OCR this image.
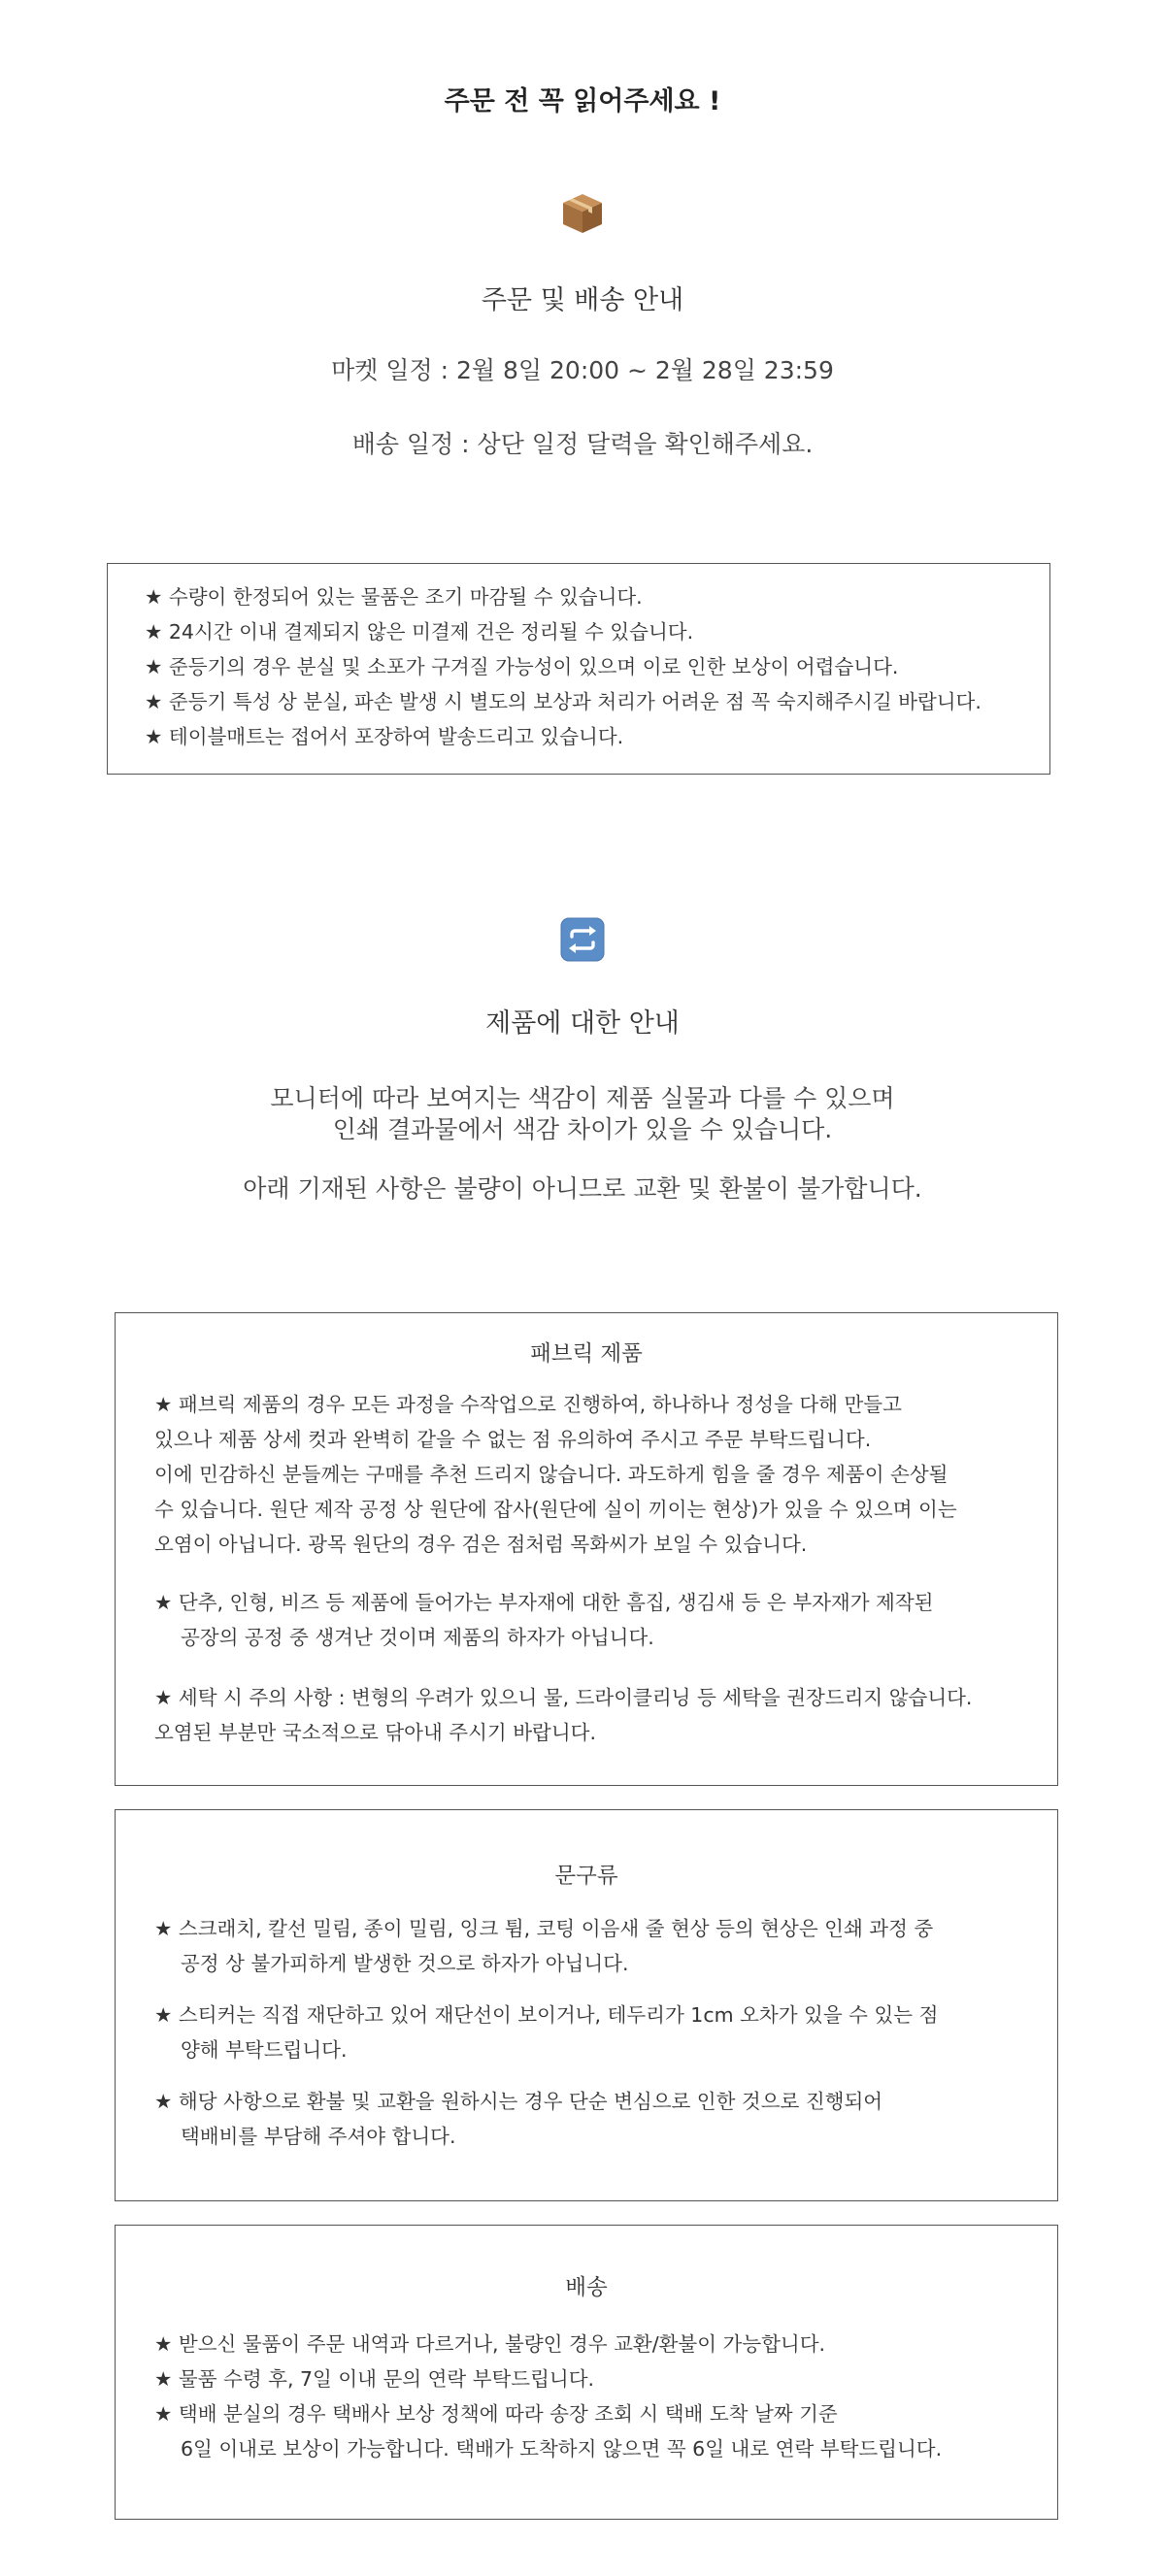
주문 전 꼭 읽어주세요 !
주문 및 배송 안내
마켓 일정 : 2월 8일 20:00 ~ 2월 28일 23:59
배송 일정 : 상단 일정 달력을 확인해주세요.
★ 수량이 한정되어 있는 물품은 조기 마감될 수 있습니다.
★ 24시간 이내 결제되지 않은 미결제 건은 정리될 수 있습니다.
★ 준등기의 경우 분실 및 소포가 구겨질 가능성이 있으며 이로 인한 보상이 어렵습니다.
★ 준등기 특성 상 분실, 파손 발생 시 별도의 보상과 처리가 어려운 점 꼭 숙지해주시길 바랍니다.
★ 테이블매트는 접어서 포장하여 발송드리고 있습니다.
제품에 대한 안내
모니터에 따라 보여지는 색감이 제품 실물과 다를 수 있으며
인쇄 결과물에서 색감 차이가 있을 수 있습니다.
아래 기재된 사항은 불량이 아니므로 교환 및 환불이 불가합니다.
패브릭 제품
★ 패브릭 제품의 경우 모든 과정을 수작업으로 진행하여, 하나하나 정성을 다해 만들고
있으나 제품 상세 컷과 완벽히 같을 수 없는 점 유의하여 주시고 주문 부탁드립니다.
이에 민감하신 분들께는 구매를 추천 드리지 않습니다. 과도하게 힘을 줄 경우 제품이 손상될
수 있습니다. 원단 제작 공정 상 원단에 잡사(원단에 실이 끼이는 현상)가 있을 수 있으며 이는
오염이 아닙니다. 광목 원단의 경우 검은 점처럼 목화씨가 보일 수 있습니다.
★ 단추, 인형, 비즈 등 제품에 들어가는 부자재에 대한 흠집, 생김새 등 은 부자재가 제작된
공장의 공정 중 생겨난 것이며 제품의 하자가 아닙니다.
★ 세탁 시 주의 사항 : 변형의 우려가 있으니 물, 드라이클리닝 등 세탁을 권장드리지 않습니다.
오염된 부분만 국소적으로 닦아내 주시기 바랍니다.
문구류
★ 스크래치, 칼선 밀림, 종이 밀림, 잉크 튐, 코팅 이음새 줄 현상 등의 현상은 인쇄 과정 중
공정 상 불가피하게 발생한 것으로 하자가 아닙니다.
★ 스티커는 직접 재단하고 있어 재단선이 보이거나, 테두리가 1cm 오차가 있을 수 있는 점
양해 부탁드립니다.
★ 해당 사항으로 환불 및 교환을 원하시는 경우 단순 변심으로 인한 것으로 진행되어
택배비를 부담해 주셔야 합니다.
배송
★ 받으신 물품이 주문 내역과 다르거나, 불량인 경우 교환/환불이 가능합니다.
★ 물품 수령 후, 7일 이내 문의 연락 부탁드립니다.
★ 택배 분실의 경우 택배사 보상 정책에 따라 송장 조회 시 택배 도착 날짜 기준
6일 이내로 보상이 가능합니다. 택배가 도착하지 않으면 꼭 6일 내로 연락 부탁드립니다.
